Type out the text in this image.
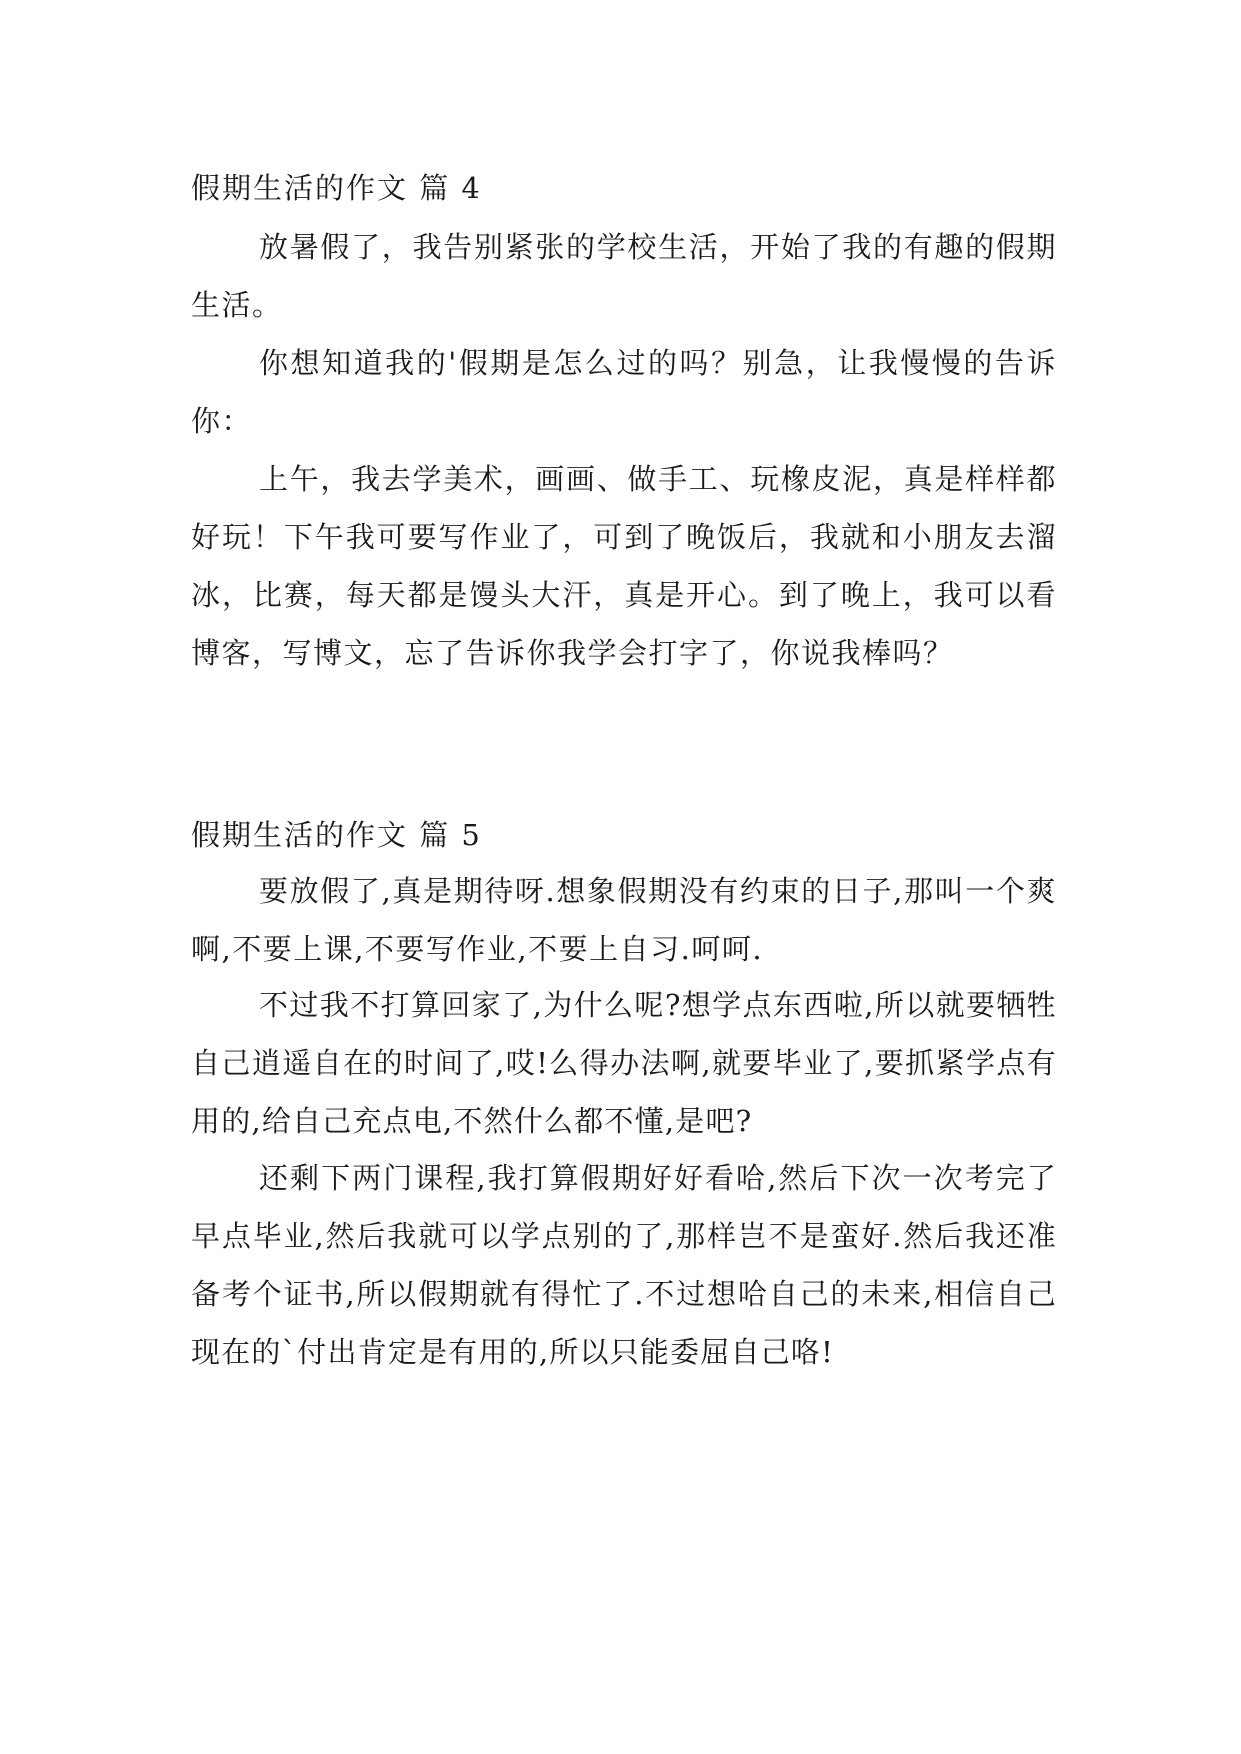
假期生活的作文 篇 4

放暑假了，我告别紧张的学校生活，开始了我的有趣的假期生活。

你想知道我的'假期是怎么过的吗？别急，让我慢慢的告诉你：

上午，我去学美术，画画、做手工、玩橡皮泥，真是样样都好玩！下午我可要写作业了，可到了晚饭后，我就和小朋友去溜冰，比赛，每天都是馒头大汗，真是开心。到了晚上，我可以看博客，写博文，忘了告诉你我学会打字了，你说我棒吗？

假期生活的作文 篇 5

要放假了,真是期待呀.想象假期没有约束的日子,那叫一个爽啊,不要上课,不要写作业,不要上自习.呵呵.

不过我不打算回家了,为什么呢?想学点东西啦,所以就要牺牲自己逍遥自在的时间了,哎!么得办法啊,就要毕业了,要抓紧学点有用的,给自己充点电,不然什么都不懂,是吧?

还剩下两门课程,我打算假期好好看哈,然后下次一次考完了早点毕业,然后我就可以学点别的了,那样岂不是蛮好.然后我还准备考个证书,所以假期就有得忙了.不过想哈自己的未来,相信自己现在的`付出肯定是有用的,所以只能委屈自己咯!
